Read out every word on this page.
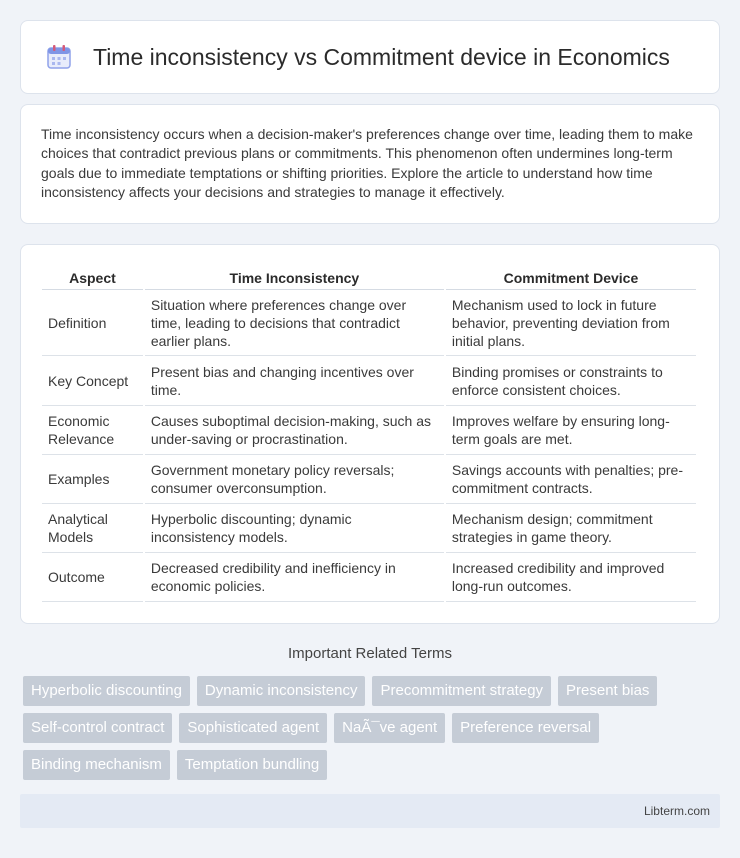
Time inconsistency vs Commitment device in Economics

Time inconsistency occurs when a decision-maker's preferences change over time, leading them to make choices that contradict previous plans or commitments. This phenomenon often undermines long-term goals due to immediate temptations or shifting priorities. Explore the article to understand how time inconsistency affects your decisions and strategies to manage it effectively.

Aspect	Time Inconsistency	Commitment Device
Definition	Situation where preferences change over time, leading to decisions that contradict earlier plans.	Mechanism used to lock in future behavior, preventing deviation from initial plans.
Key Concept	Present bias and changing incentives over time.	Binding promises or constraints to enforce consistent choices.
Economic Relevance	Causes suboptimal decision-making, such as under-saving or procrastination.	Improves welfare by ensuring long-term goals are met.
Examples	Government monetary policy reversals; consumer overconsumption.	Savings accounts with penalties; pre-commitment contracts.
Analytical Models	Hyperbolic discounting; dynamic inconsistency models.	Mechanism design; commitment strategies in game theory.
Outcome	Decreased credibility and inefficiency in economic policies.	Increased credibility and improved long-run outcomes.
Important Related Terms
Hyperbolic discounting	Dynamic inconsistency	Precommitment strategy	Present bias
Self-control contract	Sophisticated agent	NaÃ¯ve agent	Preference reversal
Binding mechanism	Temptation bundling
Libterm.com
